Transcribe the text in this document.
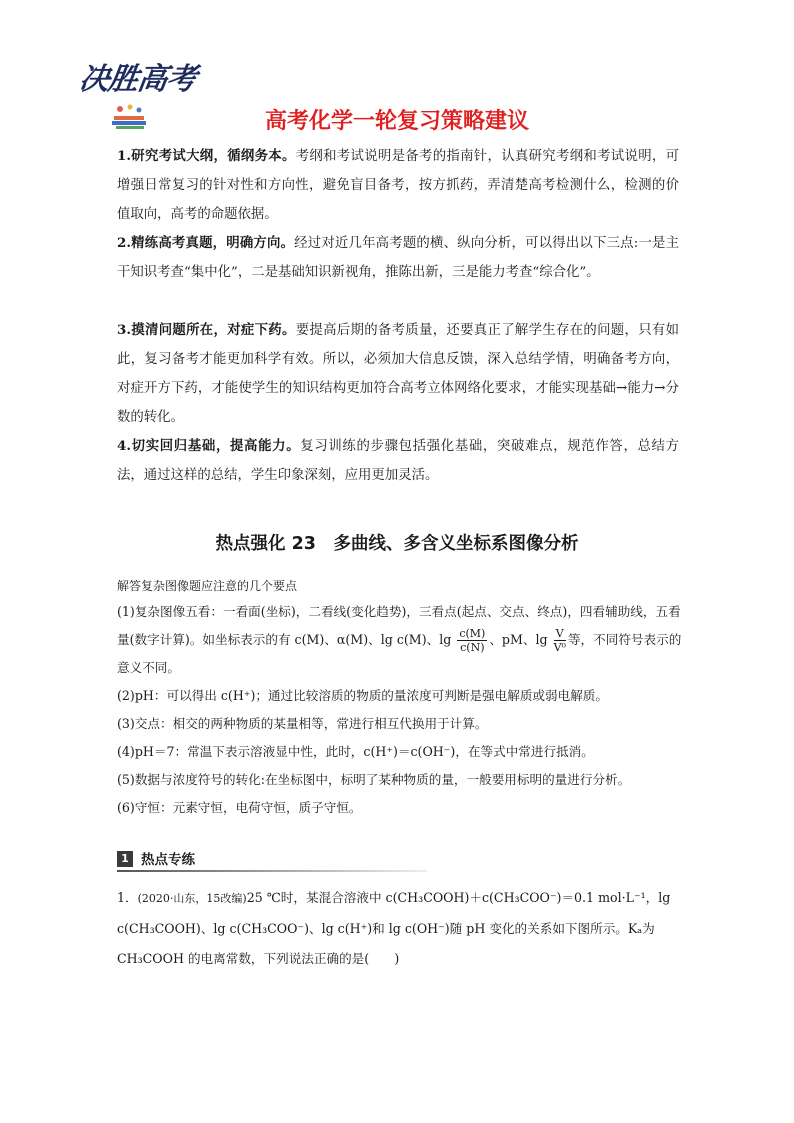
决胜高考
高考化学一轮复习策略建议

1.研究考试大纲，循纲务本。考纲和考试说明是备考的指南针，认真研究考纲和考试说明，可增强日常复习的针对性和方向性，避免盲目备考，按方抓药，弄清楚高考检测什么，检测的价值取向，高考的命题依据。

2.精练高考真题，明确方向。经过对近几年高考题的横、纵向分析，可以得出以下三点:一是主干知识考查“集中化”，二是基础知识新视角，推陈出新，三是能力考查“综合化”。

3.摸清问题所在，对症下药。要提高后期的备考质量，还要真正了解学生存在的问题，只有如此，复习备考才能更加科学有效。所以，必须加大信息反馈，深入总结学情，明确备考方向，对症开方下药，才能使学生的知识结构更加符合高考立体网络化要求，才能实现基础→能力→分数的转化。

4.切实回归基础，提高能力。复习训练的步骤包括强化基础，突破难点，规范作答，总结方法，通过这样的总结，学生印象深刻，应用更加灵活。

热点强化 23　多曲线、多含义坐标系图像分析
解答复杂图像题应注意的几个要点

(1)复杂图像五看：一看面(坐标)，二看线(变化趋势)，三看点(起点、交点、终点)，四看辅助线，五看量(数字计算)。如坐标表示的有 c(M)、α(M)、lg c(M)、$\lg \frac{c(M)}{c(N)}$ 、pM、$\lg \frac{V}{\text{V⁰}}$ 等，不同符号表示的意义不同。

(2)pH：可以得出 c(H⁺)；通过比较溶质的物质的量浓度可判断是强电解质或弱电解质。

(3)交点：相交的两种物质的某量相等，常进行相互代换用于计算。

(4)pH＝7：常温下表示溶液显中性，此时，c(H⁺)＝c(OH⁻)，在等式中常进行抵消。

(5)数据与浓度符号的转化:在坐标图中，标明了某种物质的量，一般要用标明的量进行分析。

(6)守恒：元素守恒，电荷守恒，质子守恒。

1 热点专练

1．(2020·山东，15改编)25 ℃时，某混合溶液中 c(CH₃COOH)＋c(CH₃COO⁻)＝0.1 mol·L⁻¹，lg c(CH₃COOH)、lg c(CH₃COO⁻)、lg c(H⁺)和 lg c(OH⁻)随 pH 变化的关系如下图所示。Kₐ为 CH₃COOH 的电离常数，下列说法正确的是(　　)
